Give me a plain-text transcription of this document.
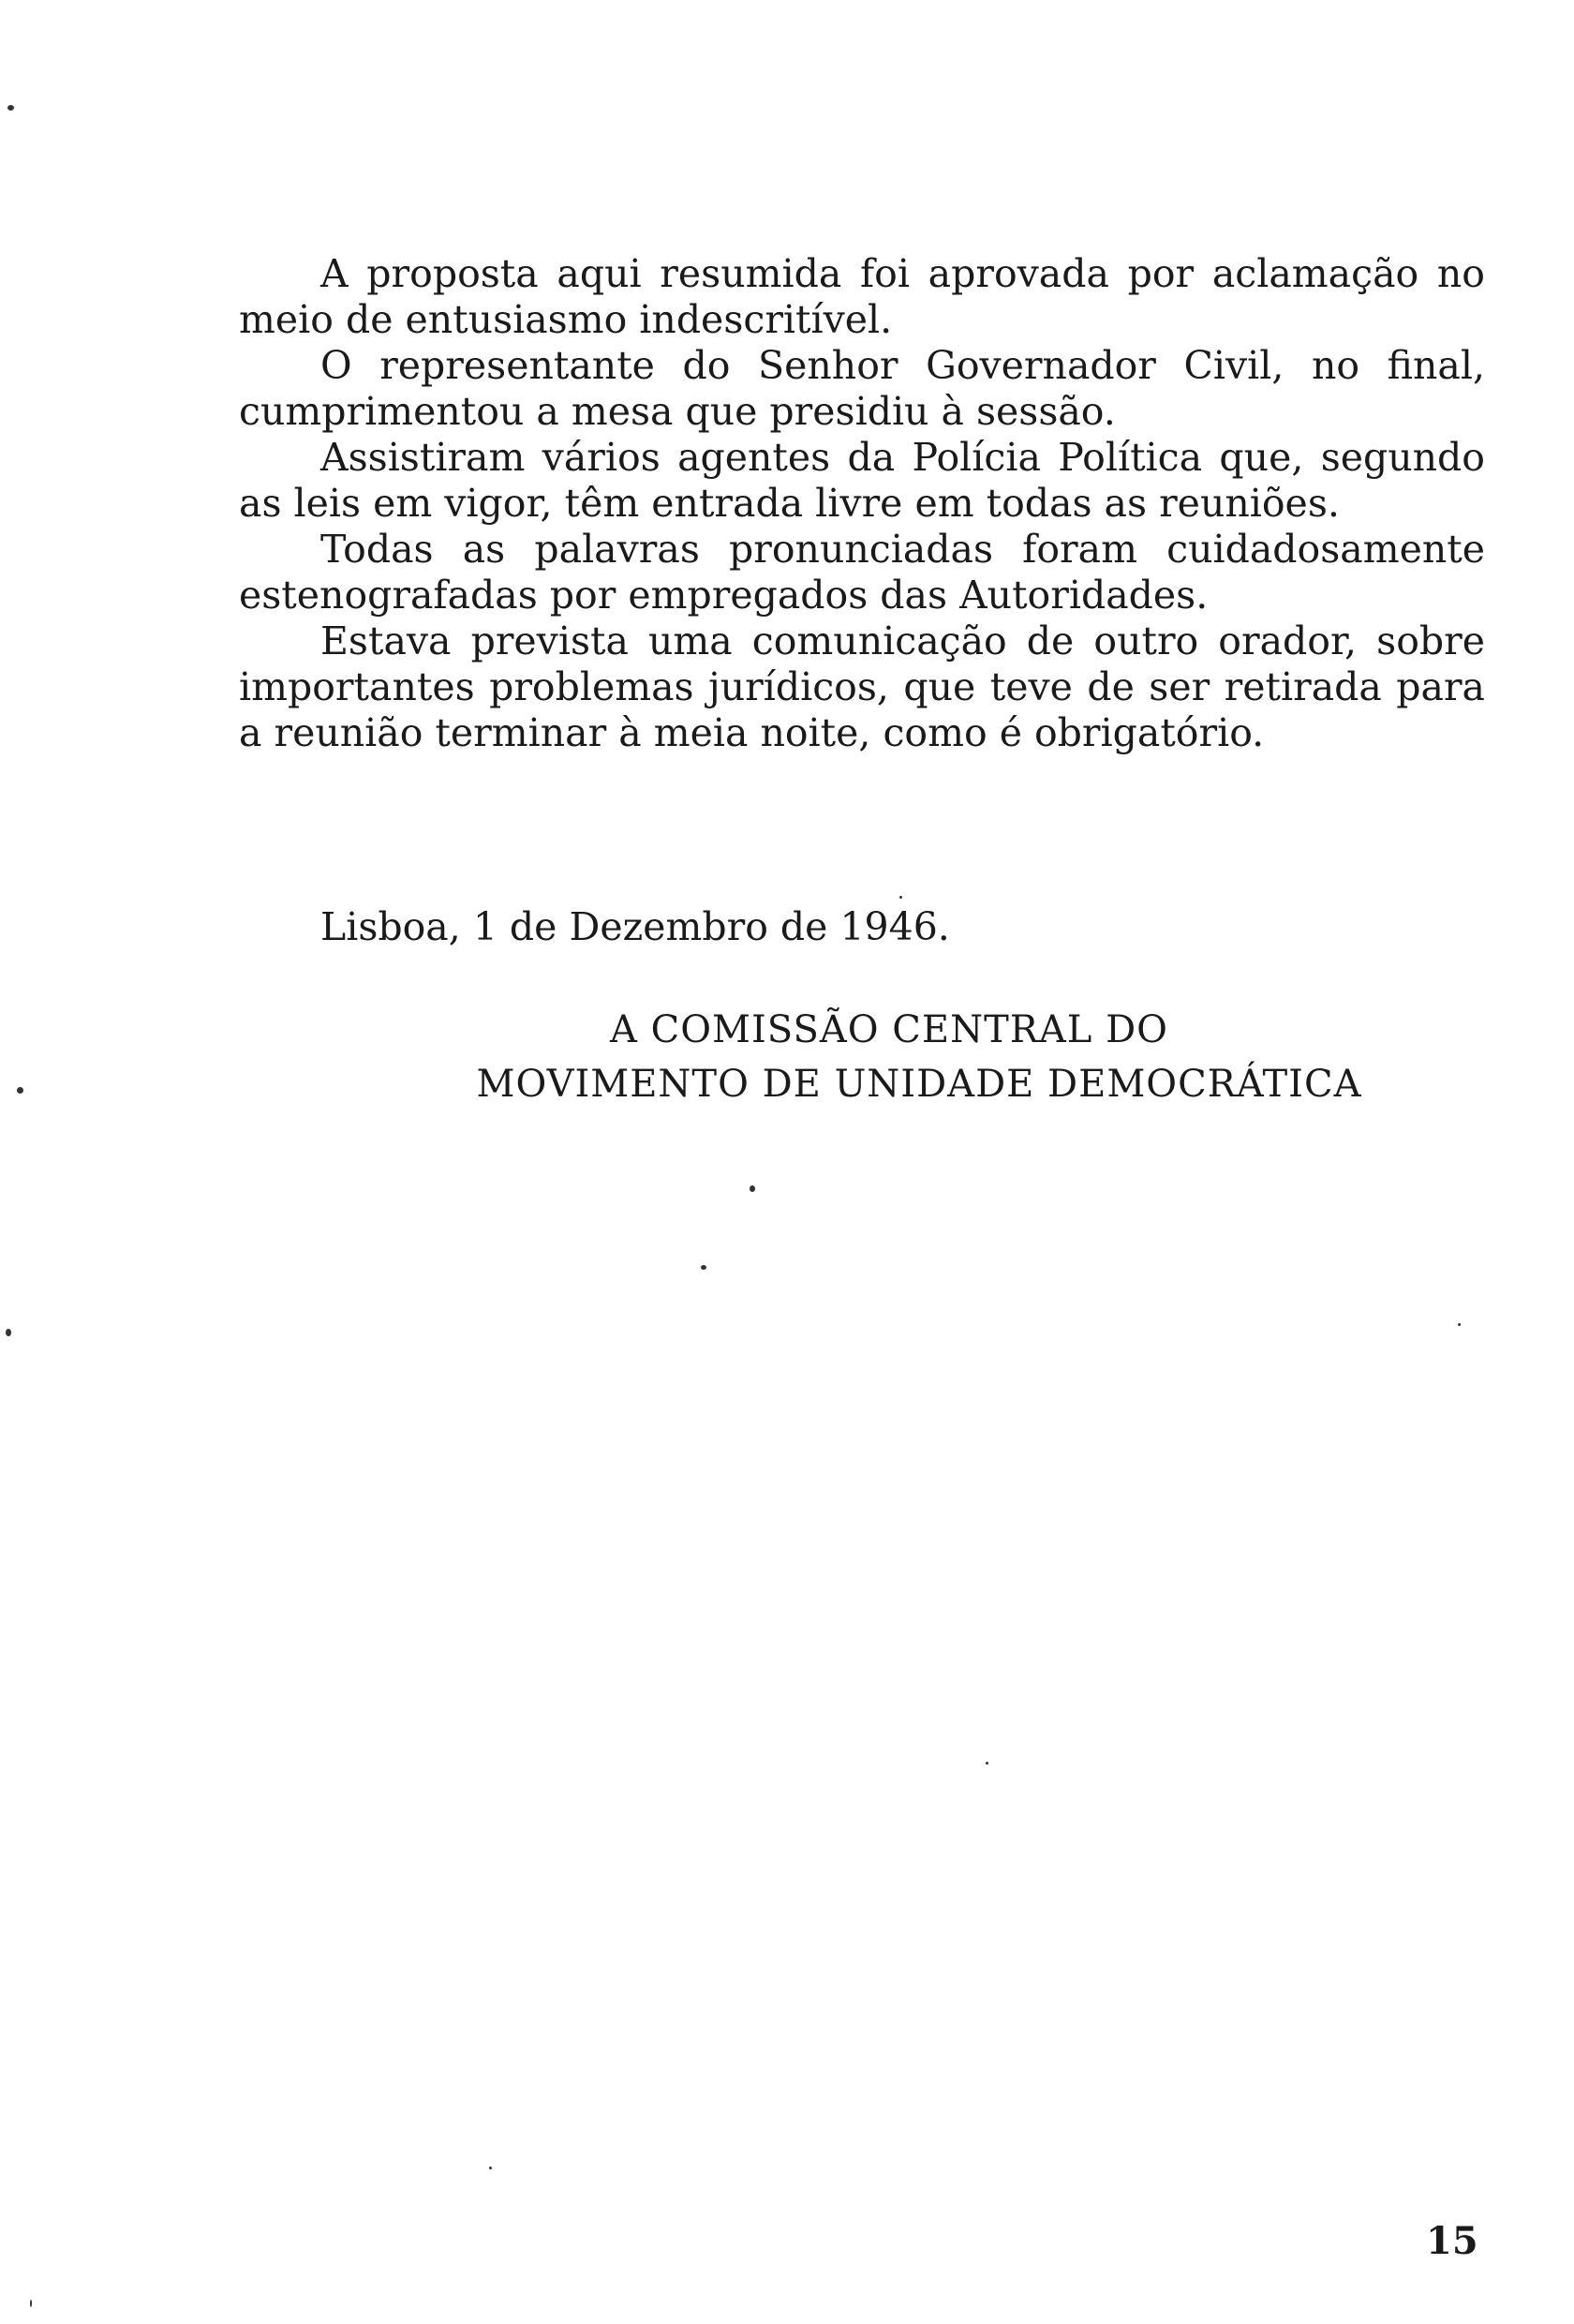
A proposta aqui resumida foi aprovada por aclamação no meio de entusiasmo indescritível.

O representante do Senhor Governador Civil, no final, cumprimentou a mesa que presidiu à sessão.

Assistiram vários agentes da Polícia Política que, segundo as leis em vigor, têm entrada livre em todas as reuniões.

Todas as palavras pronunciadas foram cuidadosamente estenografadas por empregados das Autoridades.

Estava prevista uma comunicação de outro orador, sobre importantes problemas jurídicos, que teve de ser retirada para a reunião terminar à meia noite, como é obrigatório.

Lisboa, 1 de Dezembro de 1946.

A COMISSÃO CENTRAL DO
MOVIMENTO DE UNIDADE DEMOCRÁTICA
15
